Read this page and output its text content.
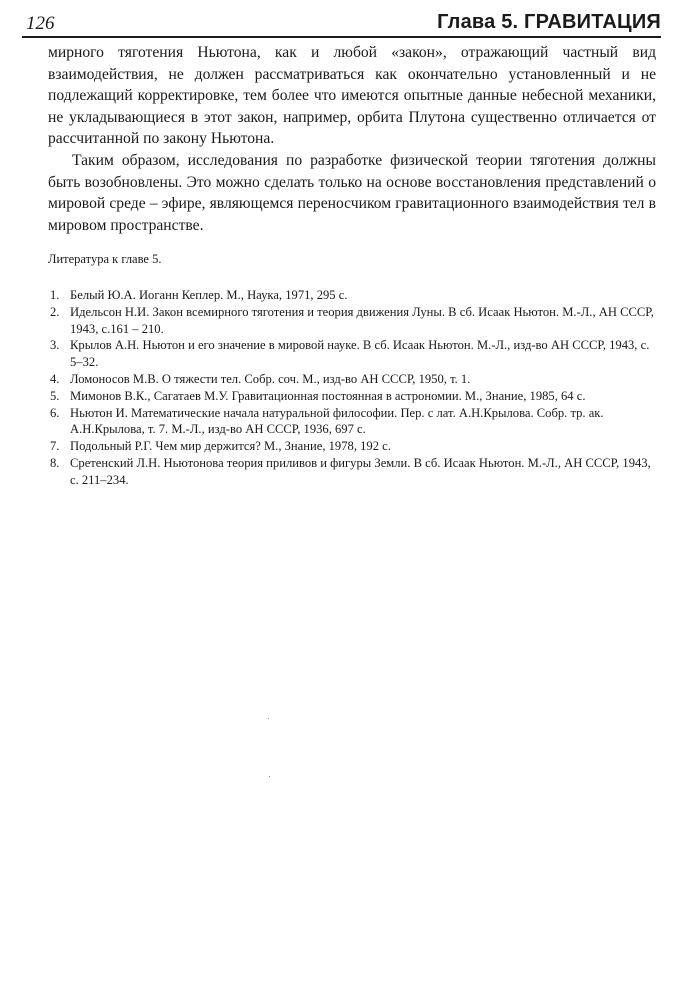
126	Глава 5. ГРАВИТАЦИЯ

мирного тяготения Ньютона, как и любой «закон», отражающий частный вид взаимодействия, не должен рассматриваться как окончательно установленный и не подлежащий корректировке, тем более что имеются опытные данные небесной механики, не укладывающиеся в этот закон, например, орбита Плутона существенно отличается от рассчитанной по закону Ньютона.

Таким образом, исследования по разработке физической теории тяготения должны быть возобновлены. Это можно сделать только на основе восстановления представлений о мировой среде – эфире, являющемся переносчиком гравитационного взаимодействия тел в мировом пространстве.

Литература к главе 5.
1. Белый Ю.А. Иоганн Кеплер. М., Наука, 1971, 295 с.
2. Идельсон Н.И. Закон всемирного тяготения и теория движения Луны. В сб. Исаак Ньютон. М.-Л., АН СССР, 1943, с.161 – 210.
3. Крылов А.Н. Ньютон и его значение в мировой науке. В сб. Исаак Ньютон. М.-Л., изд-во АН СССР, 1943, с. 5–32.
4. Ломоносов М.В. О тяжести тел. Собр. соч. М., изд-во АН СССР, 1950, т. 1.
5. Мимонов В.К., Сагатаев М.У. Гравитационная постоянная в астрономии. М., Знание, 1985, 64 с.
6. Ньютон И. Математические начала натуральной философии. Пер. с лат. А.Н.Крылова. Собр. тр. ак. А.Н.Крылова, т. 7. М.-Л., изд-во АН СССР, 1936, 697 с.
7. Подольный Р.Г. Чем мир держится? М., Знание, 1978, 192 с.
8. Сретенский Л.Н. Ньютонова теория приливов и фигуры Земли. В сб. Исаак Ньютон. М.-Л., АН СССР, 1943, с. 211–234.
